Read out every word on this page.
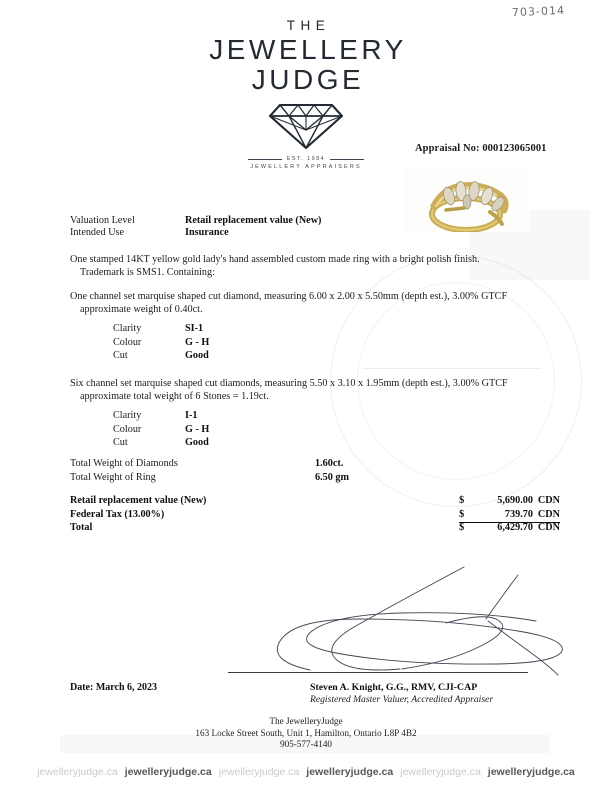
703-014
THE
JEWELLERY
JUDGE
EST. 1984
JEWELLERY APPRAISERS
Appraisal No: 000123065001
Valuation Level	Retail replacement value (New)
Intended Use	Insurance
One stamped 14KT yellow gold lady's hand assembled custom made ring with a bright polish finish.
Trademark is SMS1. Containing:
One channel set marquise shaped cut diamond, measuring 6.00 x 2.00 x 5.50mm (depth est.), 3.00% GTCF
approximate weight of 0.40ct.
Clarity	SI-1
Colour	G - H
Cut	Good
Six channel set marquise shaped cut diamonds, measuring 5.50 x 3.10 x 1.95mm (depth est.), 3.00% GTCF
approximate total weight of 6 Stones = 1.19ct.
Clarity	I-1
Colour	G - H
Cut	Good
Total Weight of Diamonds	1.60ct.
Total Weight of Ring	6.50 gm
Retail replacement value (New)	$	5,690.00 CDN
Federal Tax (13.00%)	$	739.70 CDN
Total	$	6,429.70 CDN
Steven A. Knight, G.G., RMV, CJI-CAP
Registered Master Valuer, Accredited Appraiser
Date: March 6, 2023
The JewelleryJudge
163 Locke Street South, Unit 1, Hamilton, Ontario L8P 4B2
905-577-4140
jewelleryjudge.ca jewelleryjudge.ca jewelleryjudge.ca jewelleryjudge.ca jewelleryjudge.ca jewelleryjudge.ca
